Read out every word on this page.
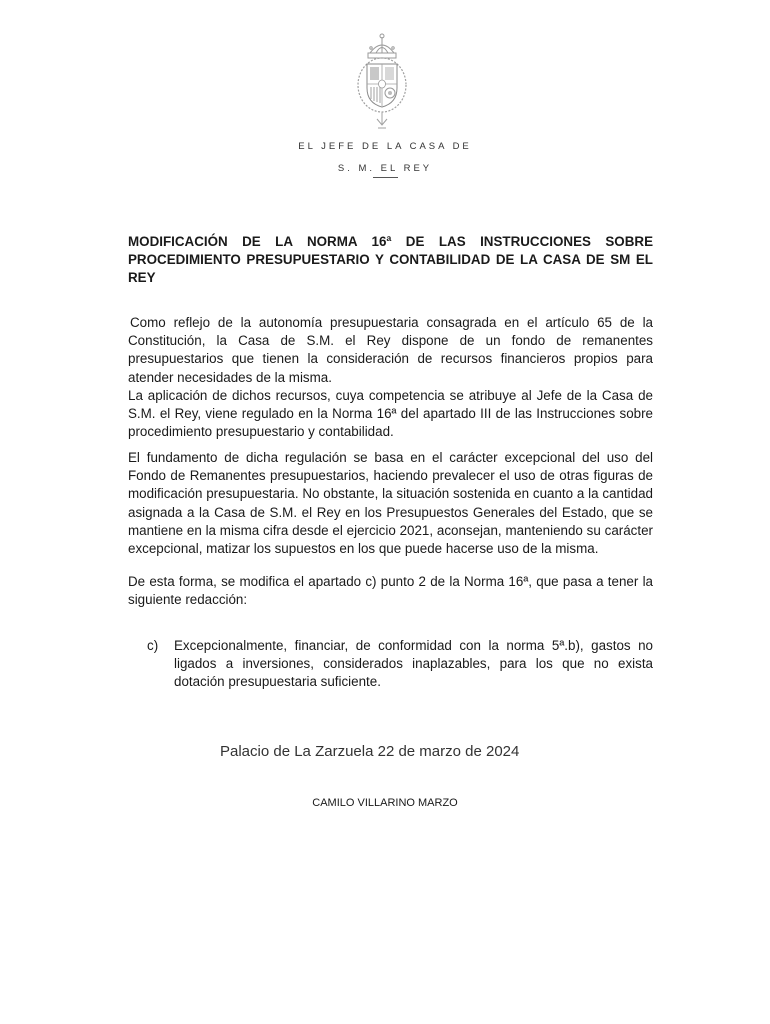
EL JEFE DE LA CASA DE
S. M. EL REY
MODIFICACIÓN DE LA NORMA 16ª DE LAS INSTRUCCIONES SOBRE PROCEDIMIENTO PRESUPUESTARIO Y CONTABILIDAD DE LA CASA DE SM EL REY
Como reflejo de la autonomía presupuestaria consagrada en el artículo 65 de la Constitución, la Casa de S.M. el Rey dispone de un fondo de remanentes presupuestarios que tienen la consideración de recursos financieros propios para atender necesidades de la misma.
La aplicación de dichos recursos, cuya competencia se atribuye al Jefe de la Casa de S.M. el Rey, viene regulado en la Norma 16ª del apartado III de las Instrucciones sobre procedimiento presupuestario y contabilidad.
El fundamento de dicha regulación se basa en el carácter excepcional del uso del Fondo de Remanentes presupuestarios, haciendo prevalecer el uso de otras figuras de modificación presupuestaria. No obstante, la situación sostenida en cuanto a la cantidad asignada a la Casa de S.M. el Rey en los Presupuestos Generales del Estado, que se mantiene en la misma cifra desde el ejercicio 2021, aconsejan, manteniendo su carácter excepcional, matizar los supuestos en los que puede hacerse uso de la misma.
De esta forma, se modifica el apartado c) punto 2 de la Norma 16ª, que pasa a tener la siguiente redacción:
c) Excepcionalmente, financiar, de conformidad con la norma 5ª.b), gastos no ligados a inversiones, considerados inaplazables, para los que no exista dotación presupuestaria suficiente.
Palacio de La Zarzuela 22 de marzo de 2024
CAMILO VILLARINO MARZO
